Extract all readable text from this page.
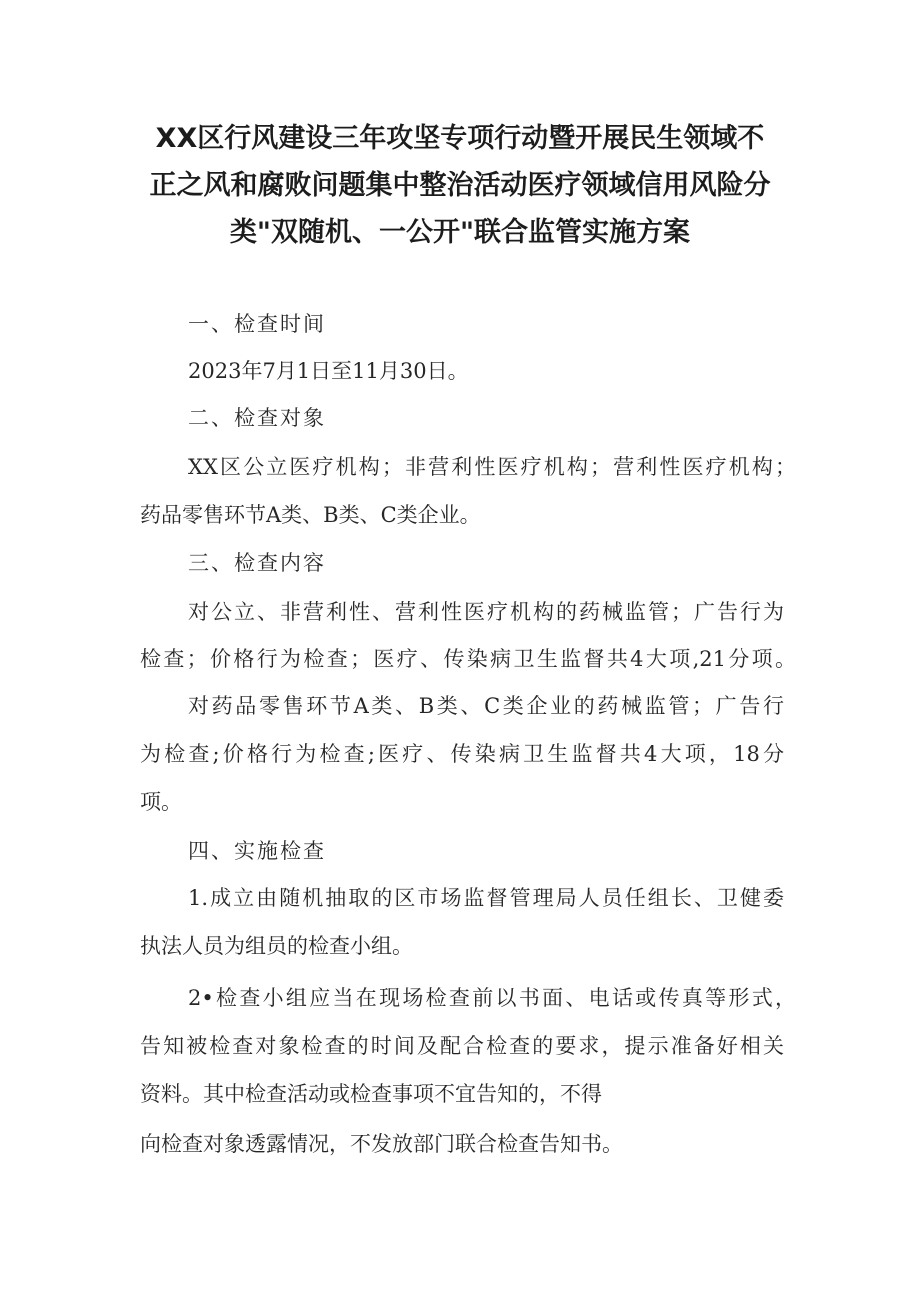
XX区行风建设三年攻坚专项行动暨开展民生领域不
正之风和腐败问题集中整治活动医疗领域信用风险分
类"双随机、一公开"联合监管实施方案
一、检查时间
2023年7月1日至11月30日。
二、检查对象
XX区公立医疗机构；非营利性医疗机构；营利性医疗机构；
药品零售环节A类、B类、C类企业。
三、检查内容
对公立、非营利性、营利性医疗机构的药械监管；广告行为
检查；价格行为检查；医疗、传染病卫生监督共4大项,21分项。
对药品零售环节A类、B类、C类企业的药械监管；广告行
为检查;价格行为检查;医疗、传染病卫生监督共4大项，18分
项。
四、实施检查
1.成立由随机抽取的区市场监督管理局人员任组长、卫健委
执法人员为组员的检查小组。
2•检查小组应当在现场检查前以书面、电话或传真等形式，
告知被检查对象检查的时间及配合检查的要求，提示准备好相关
资料。其中检查活动或检查事项不宜告知的，不得
向检查对象透露情况，不发放部门联合检查告知书。
